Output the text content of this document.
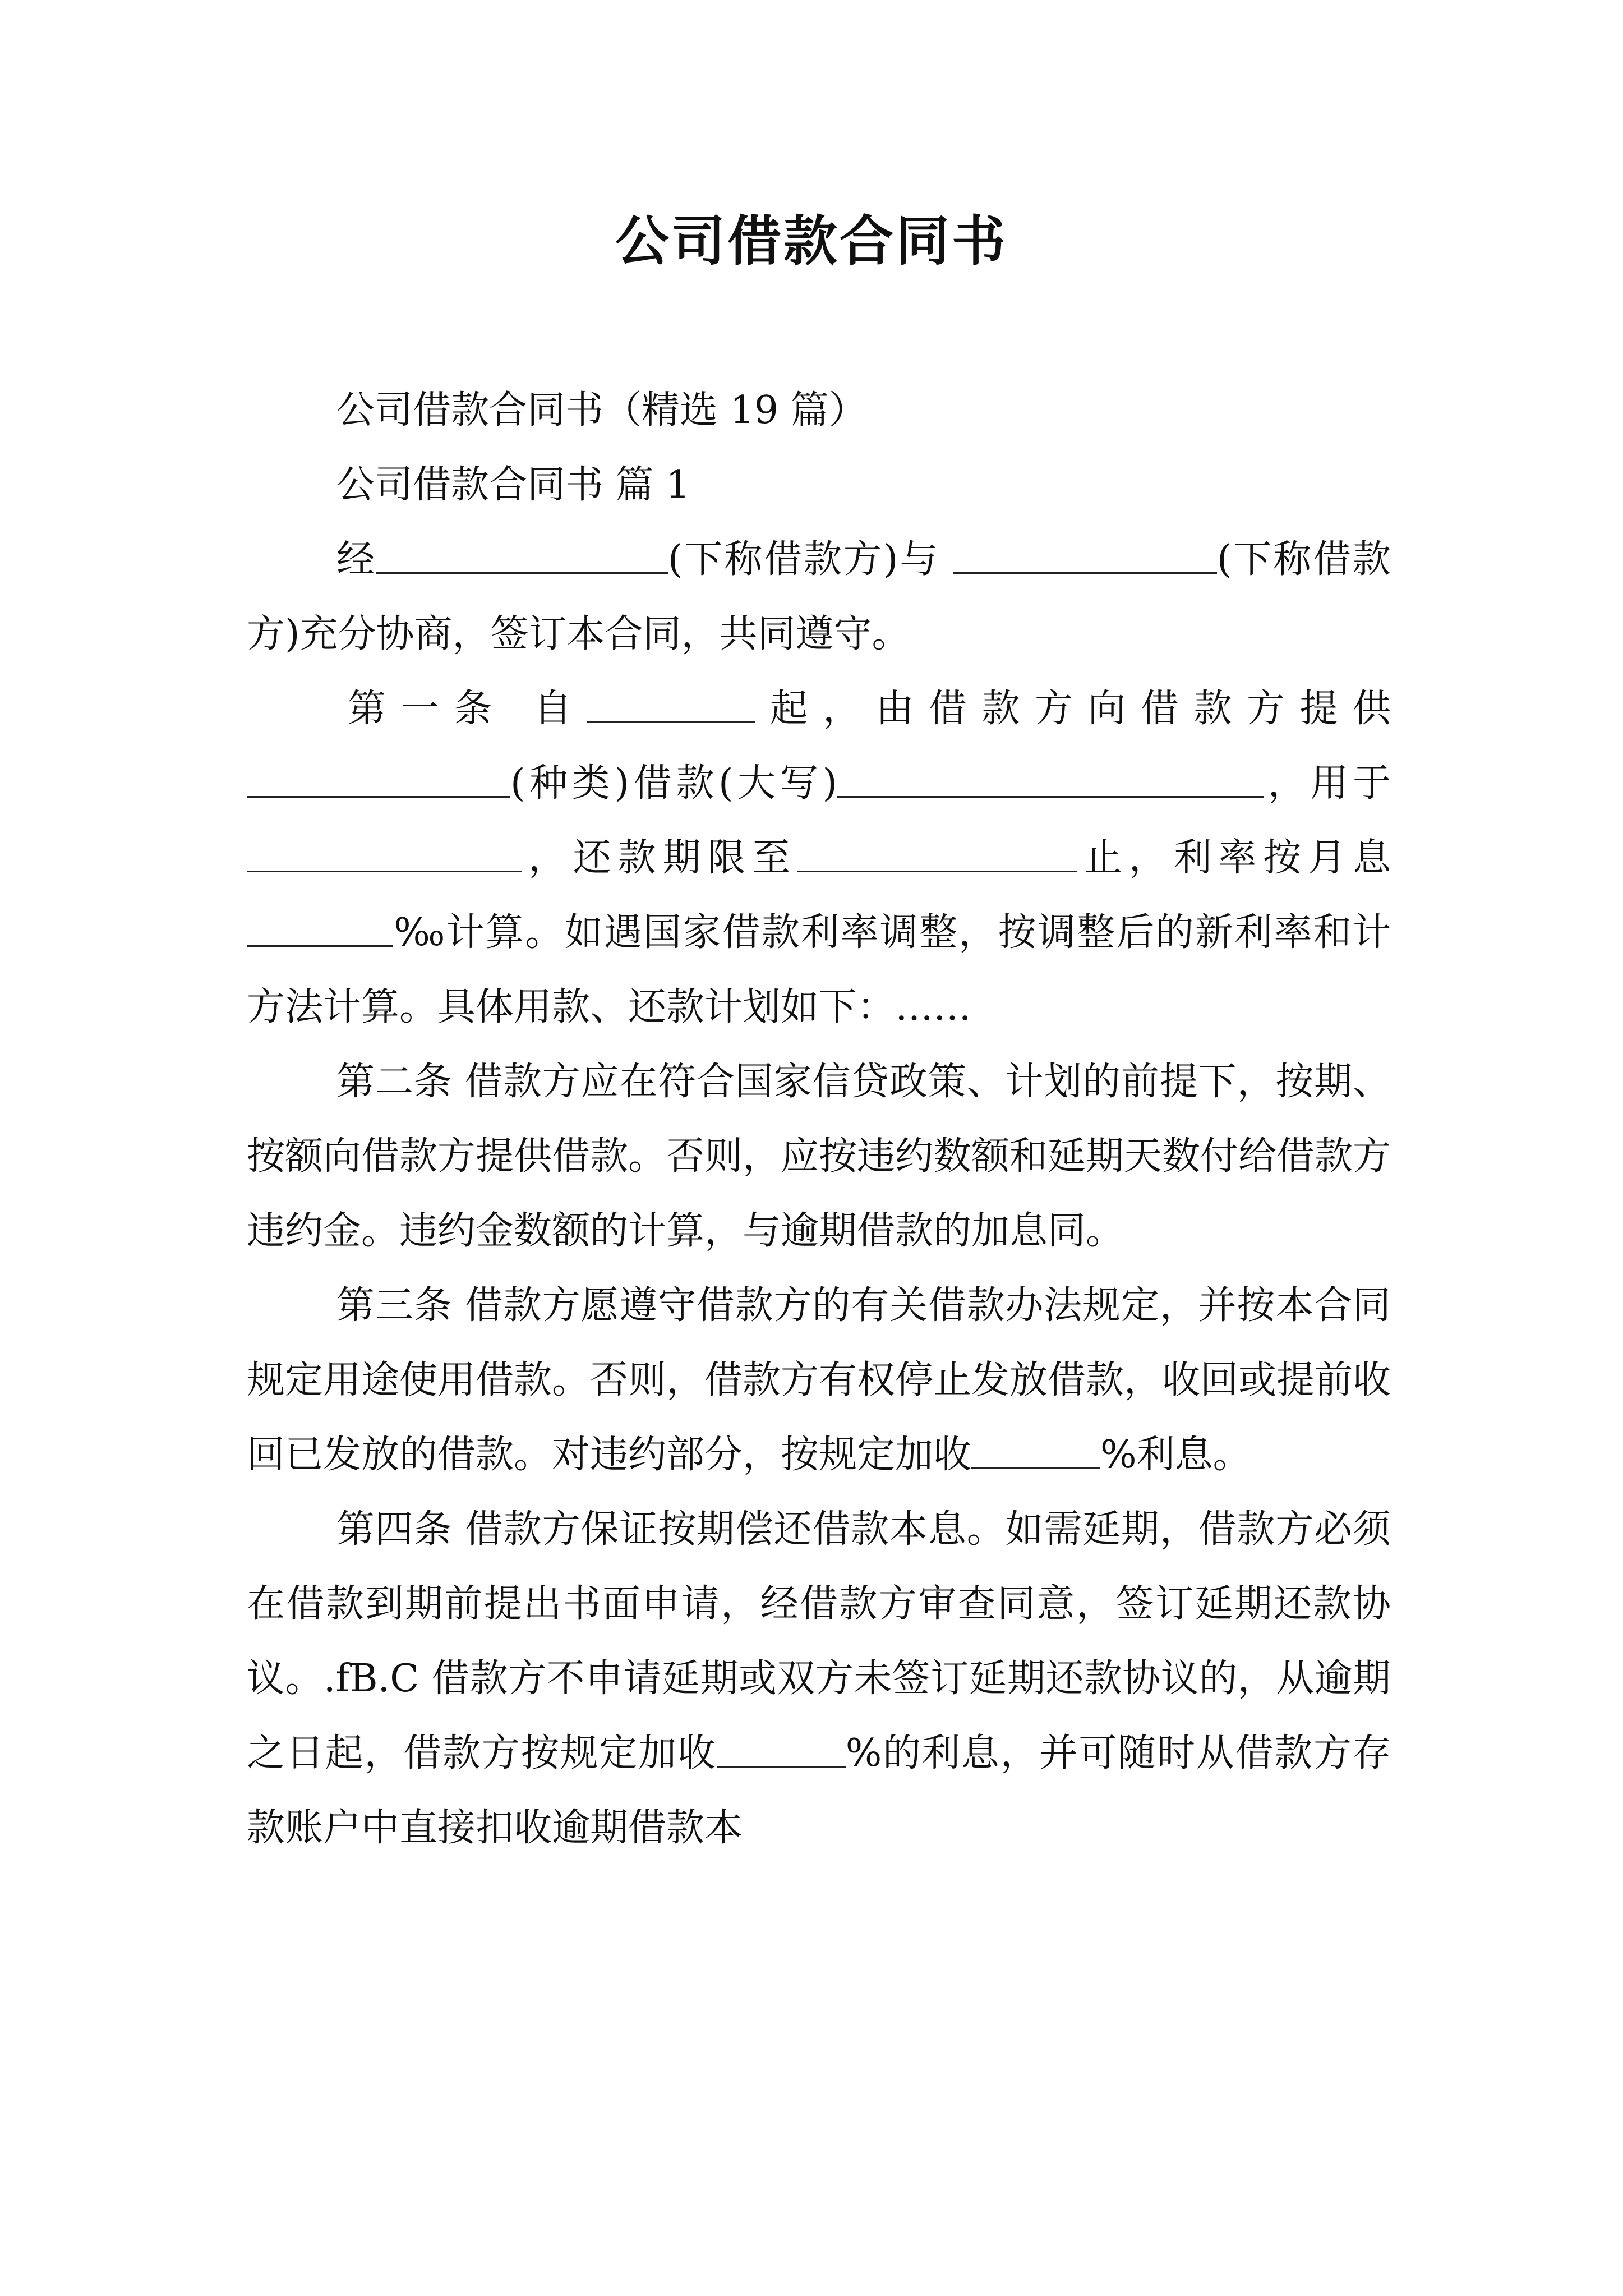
公司借款合同书

公司借款合同书（精选 19 篇）

公司借款合同书 篇 1

经	(下称借款方)与	(下称借款方)充分协商，签订本合同，共同遵守。

第一条 自	起，由借款方向借款方提供(种类)借款(大写)	，用于，还款期限至	止，利率按月息‰计算。如遇国家借款利率调整，按调整后的新利率和计方法计算。具体用款、还款计划如下：……

第二条 借款方应在符合国家信贷政策、计划的前提下，按期、按额向借款方提供借款。否则，应按违约数额和延期天数付给借款方违约金。违约金数额的计算，与逾期借款的加息同。

第三条 借款方愿遵守借款方的有关借款办法规定，并按本合同规定用途使用借款。否则，借款方有权停止发放借款，收回或提前收回已发放的借款。对违约部分，按规定加收	%利息。

第四条 借款方保证按期偿还借款本息。如需延期，借款方必须在借款到期前提出书面申请，经借款方审查同意，签订延期还款协议。.fB.C 借款方不申请延期或双方未签订延期还款协议的，从逾期之日起，借款方按规定加收	%的利息，并可随时从借款方存款账户中直接扣收逾期借款本
